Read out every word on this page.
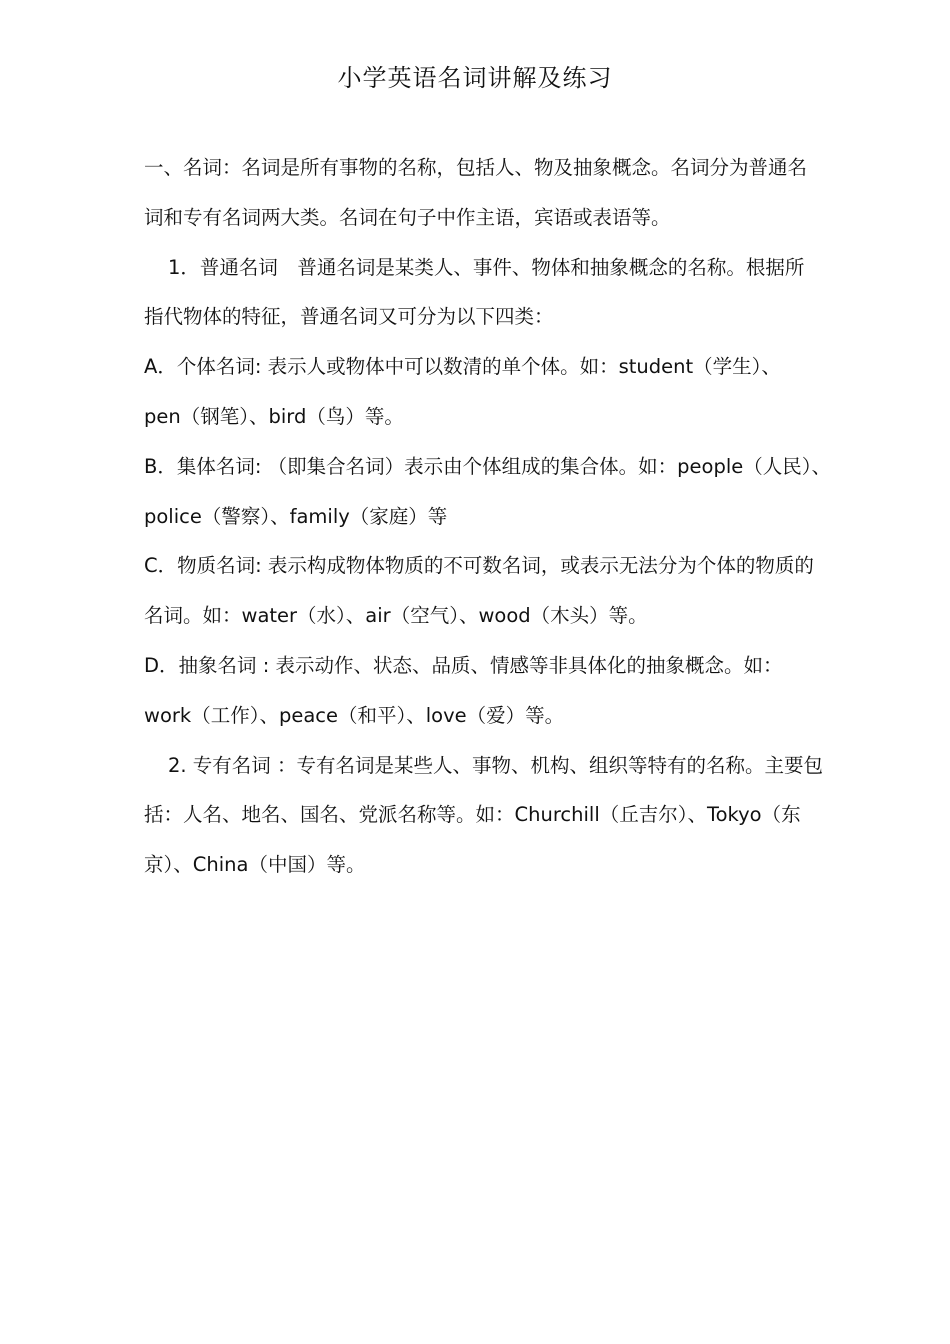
小学英语名词讲解及练习
一、名词：名词是所有事物的名称，包括人、物及抽象概念。名词分为普通名
词和专有名词两大类。名词在句子中作主语，宾语或表语等。
1．普通名词　普通名词是某类人、事件、物体和抽象概念的名称。根据所
指代物体的特征，普通名词又可分为以下四类：
A．个体名词: 表示人或物体中可以数清的单个体。如：student（学生）、
pen（钢笔）、bird（鸟）等。
B．集体名词: （即集合名词）表示由个体组成的集合体。如：people（人民）、
police（警察）、family（家庭）等
C．物质名词: 表示构成物体物质的不可数名词，或表示无法分为个体的物质的
名词。如：water（水）、air（空气）、wood（木头）等。
D．抽象名词 : 表示动作、状态、品质、情感等非具体化的抽象概念。如：
work（工作）、peace（和平）、love（爱）等。
2. 专有名词 ：专有名词是某些人、事物、机构、组织等特有的名称。主要包
括：人名、地名、国名、党派名称等。如：Churchill（丘吉尔）、Tokyo（东
京）、China（中国）等。
